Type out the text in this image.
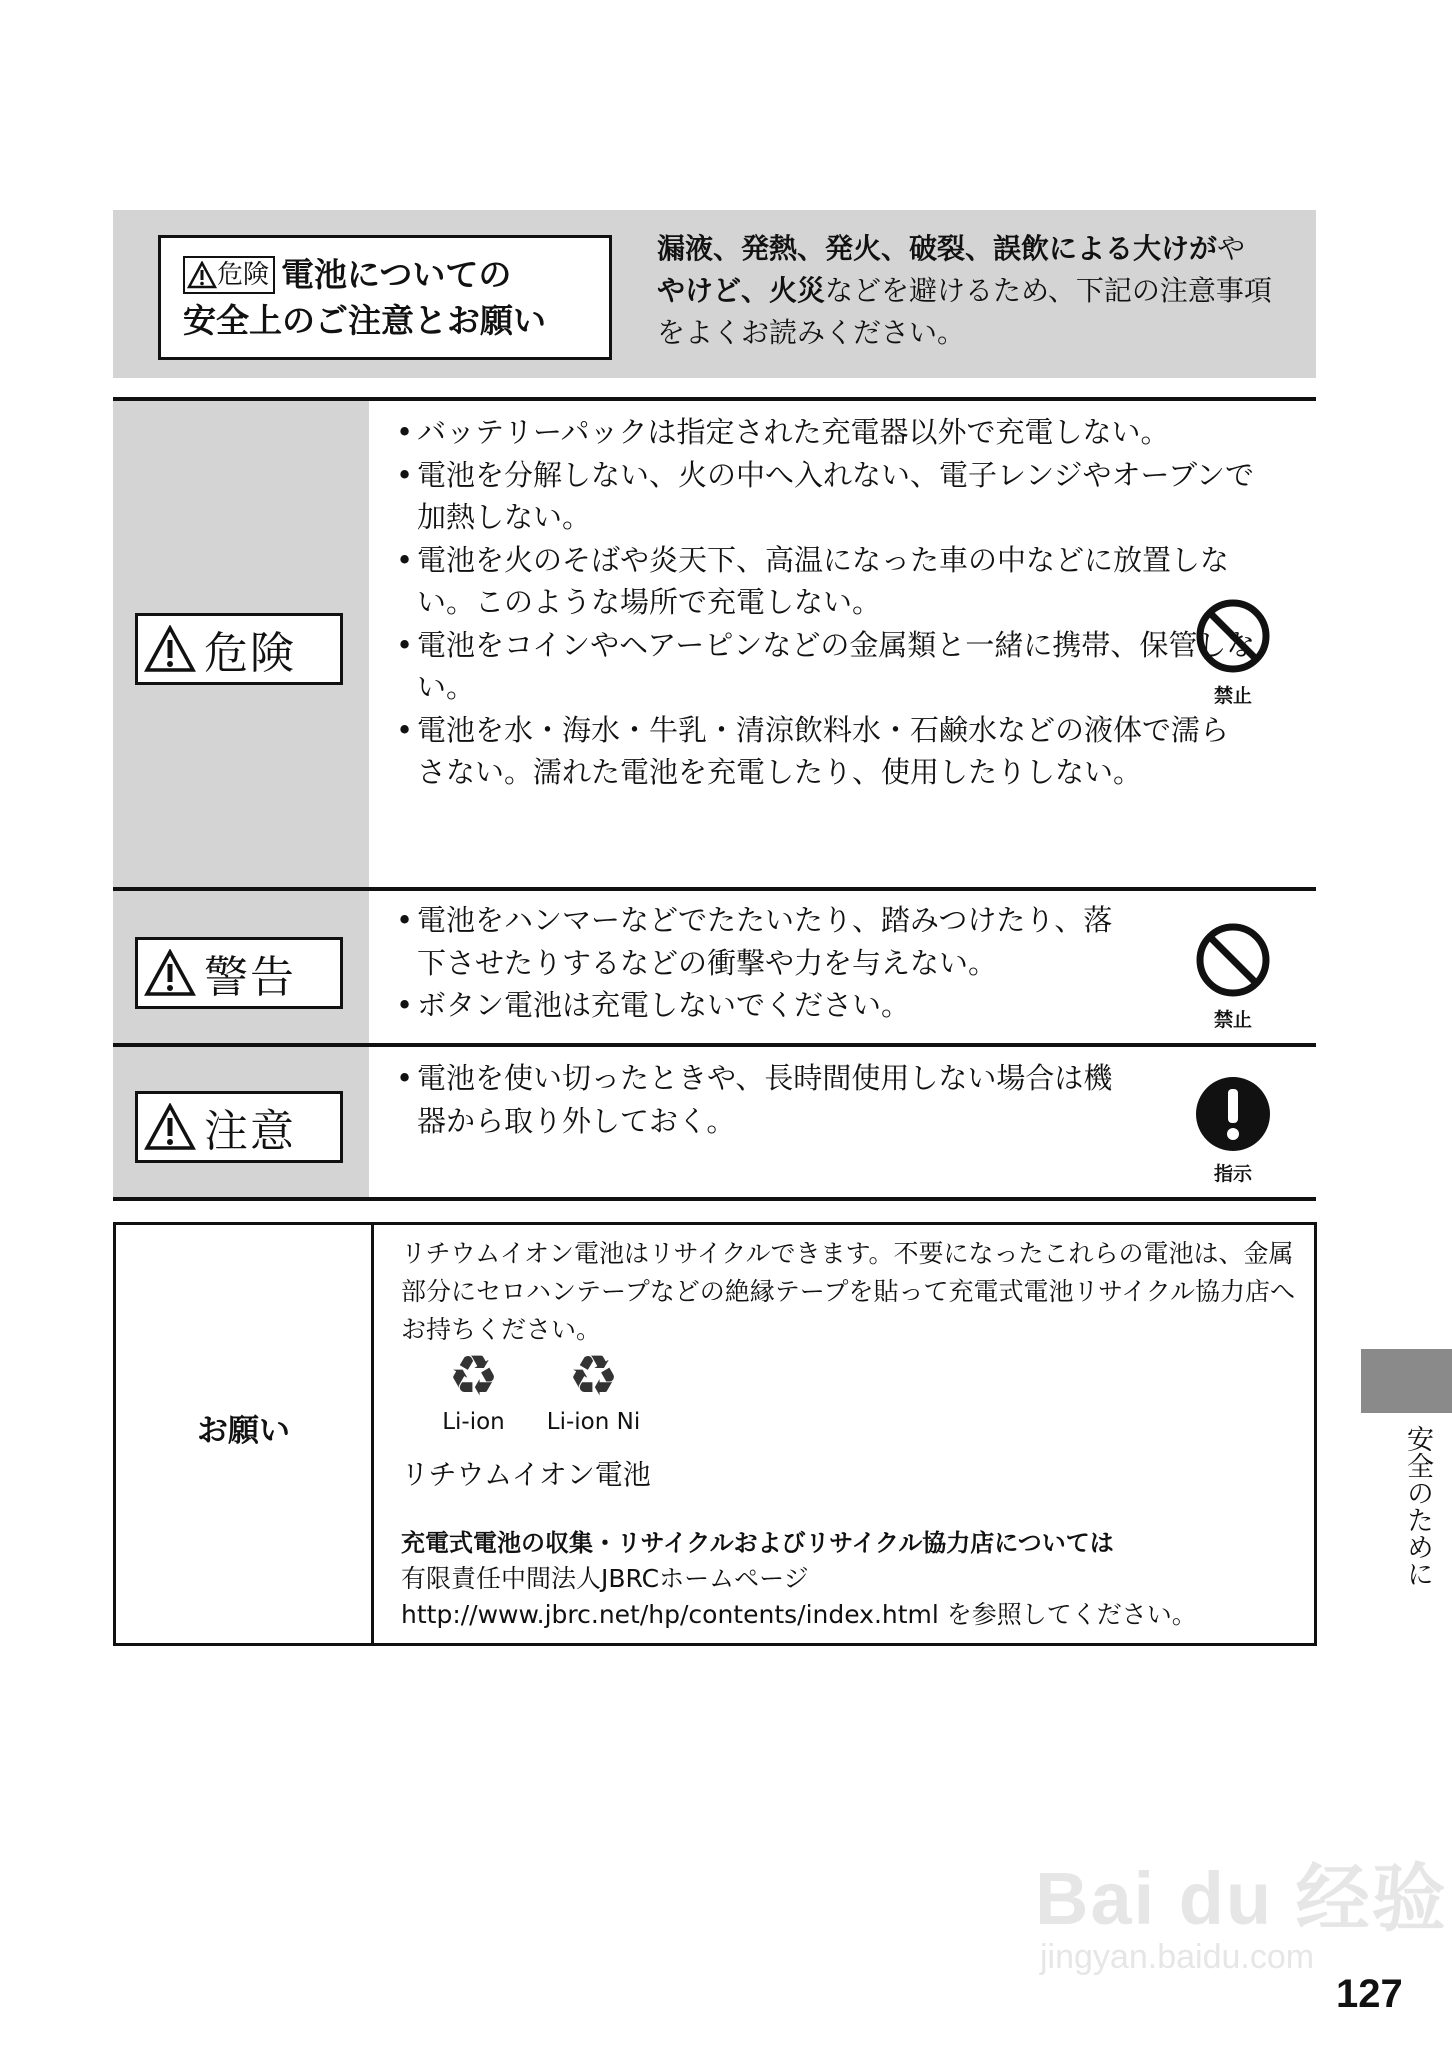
危険 電池についての
安全上のご注意とお願い
漏液、発熱、発火、破裂、誤飲による大けがや
やけど、火災などを避けるため、下記の注意事項
をよくお読みください。
危険
• バッテリーパックは指定された充電器以外で充電しない。
• 電池を分解しない、火の中へ入れない、電子レンジやオーブンで加熱しない。
• 電池を火のそばや炎天下、高温になった車の中などに放置しない。このような場所で充電しない。
• 電池をコインやヘアーピンなどの金属類と一緒に携帯、保管しない。
• 電池を水・海水・牛乳・清涼飲料水・石鹸水などの液体で濡らさない。濡れた電池を充電したり、使用したりしない。
禁止
警告
• 電池をハンマーなどでたたいたり、踏みつけたり、落下させたりするなどの衝撃や力を与えない。
• ボタン電池は充電しないでください。	禁止
注意
• 電池を使い切ったときや、長時間使用しない場合は機器から取り外しておく。
指示
お願い
リチウムイオン電池はリサイクルできます。不要になったこれらの電池は、金属部分にセロハンテープなどの絶縁テープを貼って充電式電池リサイクル協力店へお持ちください。
♻
Li-ion
♻
Li-ion Ni
リチウムイオン電池
充電式電池の収集・リサイクルおよびリサイクル協力店については
有限責任中間法人JBRCホームページ
http://www.jbrc.net/hp/contents/index.html を参照してください。
安全のために
Bai du 经验
jingyan.baidu.com
127
